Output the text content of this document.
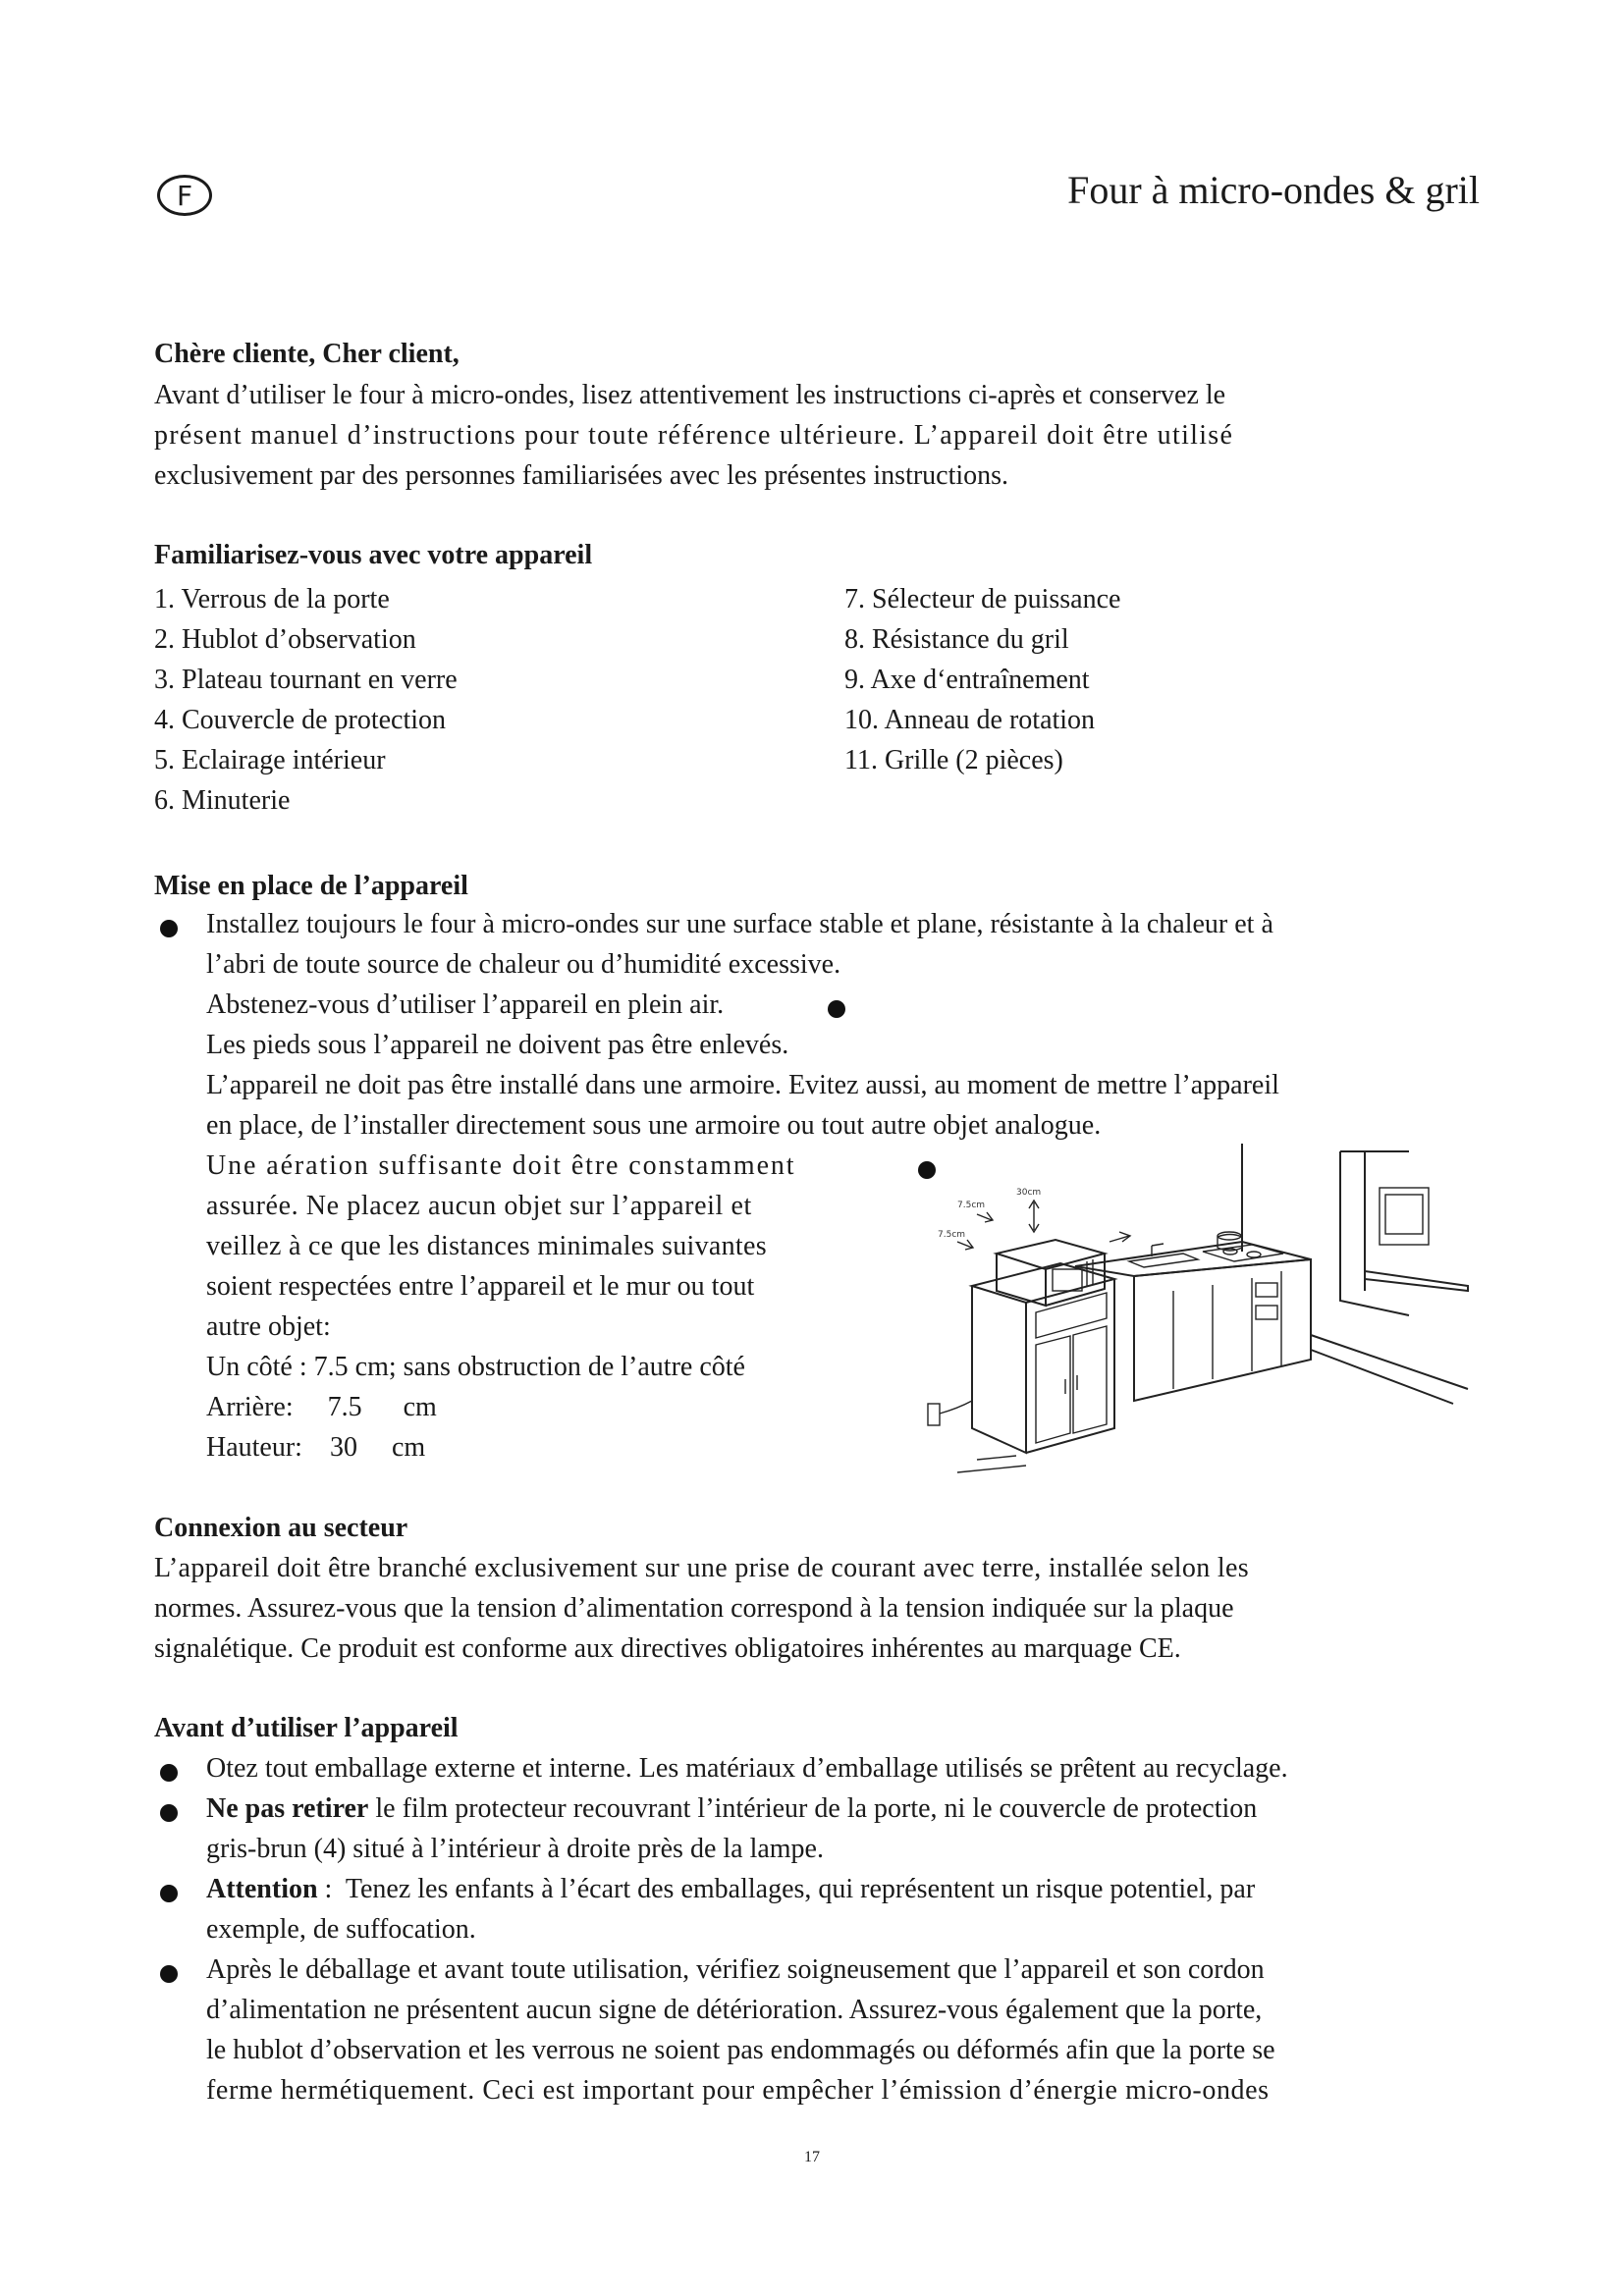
F	Four à micro-ondes & gril
Chère cliente, Cher client,
Avant d’utiliser le four à micro-ondes, lisez attentivement les instructions ci-après et conservez le
présent manuel d’instructions pour toute référence ultérieure. L’appareil doit être utilisé
exclusivement par des personnes familiarisées avec les présentes instructions.
Familiarisez-vous avec votre appareil
1. Verrous de la porte
2. Hublot d’observation
3. Plateau tournant en verre
4. Couvercle de protection
5. Eclairage intérieur
6. Minuterie
7. Sélecteur de puissance
8. Résistance du gril
9. Axe d‘entraînement
10. Anneau de rotation
11. Grille (2 pièces)
Mise en place de l’appareil
Installez toujours le four à micro-ondes sur une surface stable et plane, résistante à la chaleur et à
l’abri de toute source de chaleur ou d’humidité excessive.
Abstenez-vous d’utiliser l’appareil en plein air.
Les pieds sous l’appareil ne doivent pas être enlevés.
L’appareil ne doit pas être installé dans une armoire. Evitez aussi, au moment de mettre l’appareil
en place, de l’installer directement sous une armoire ou tout autre objet analogue.
Une aération suffisante doit être constamment
assurée. Ne placez aucun objet sur l’appareil et
veillez à ce que les distances minimales suivantes
soient respectées entre l’appareil et le mur ou tout
autre objet:
Un côté : 7.5 cm; sans obstruction de l’autre côté
Arrière:     7.5      cm
Hauteur:    30     cm
30cm
7.5cm
7.5cm
Connexion au secteur
L’appareil doit être branché exclusivement sur une prise de courant avec terre, installée selon les
normes. Assurez-vous que la tension d’alimentation correspond à la tension indiquée sur la plaque
signalétique. Ce produit est conforme aux directives obligatoires inhérentes au marquage CE.
Avant d’utiliser l’appareil
Otez tout emballage externe et interne. Les matériaux d’emballage utilisés se prêtent au recyclage.
Ne pas retirer le film protecteur recouvrant l’intérieur de la porte, ni le couvercle de protection
gris-brun (4) situé à l’intérieur à droite près de la lampe.
Attention :  Tenez les enfants à l’écart des emballages, qui représentent un risque potentiel, par
exemple, de suffocation.
Après le déballage et avant toute utilisation, vérifiez soigneusement que l’appareil et son cordon
d’alimentation ne présentent aucun signe de détérioration. Assurez-vous également que la porte,
le hublot d’observation et les verrous ne soient pas endommagés ou déformés afin que la porte se
ferme hermétiquement. Ceci est important pour empêcher l’émission d’énergie micro-ondes
17
